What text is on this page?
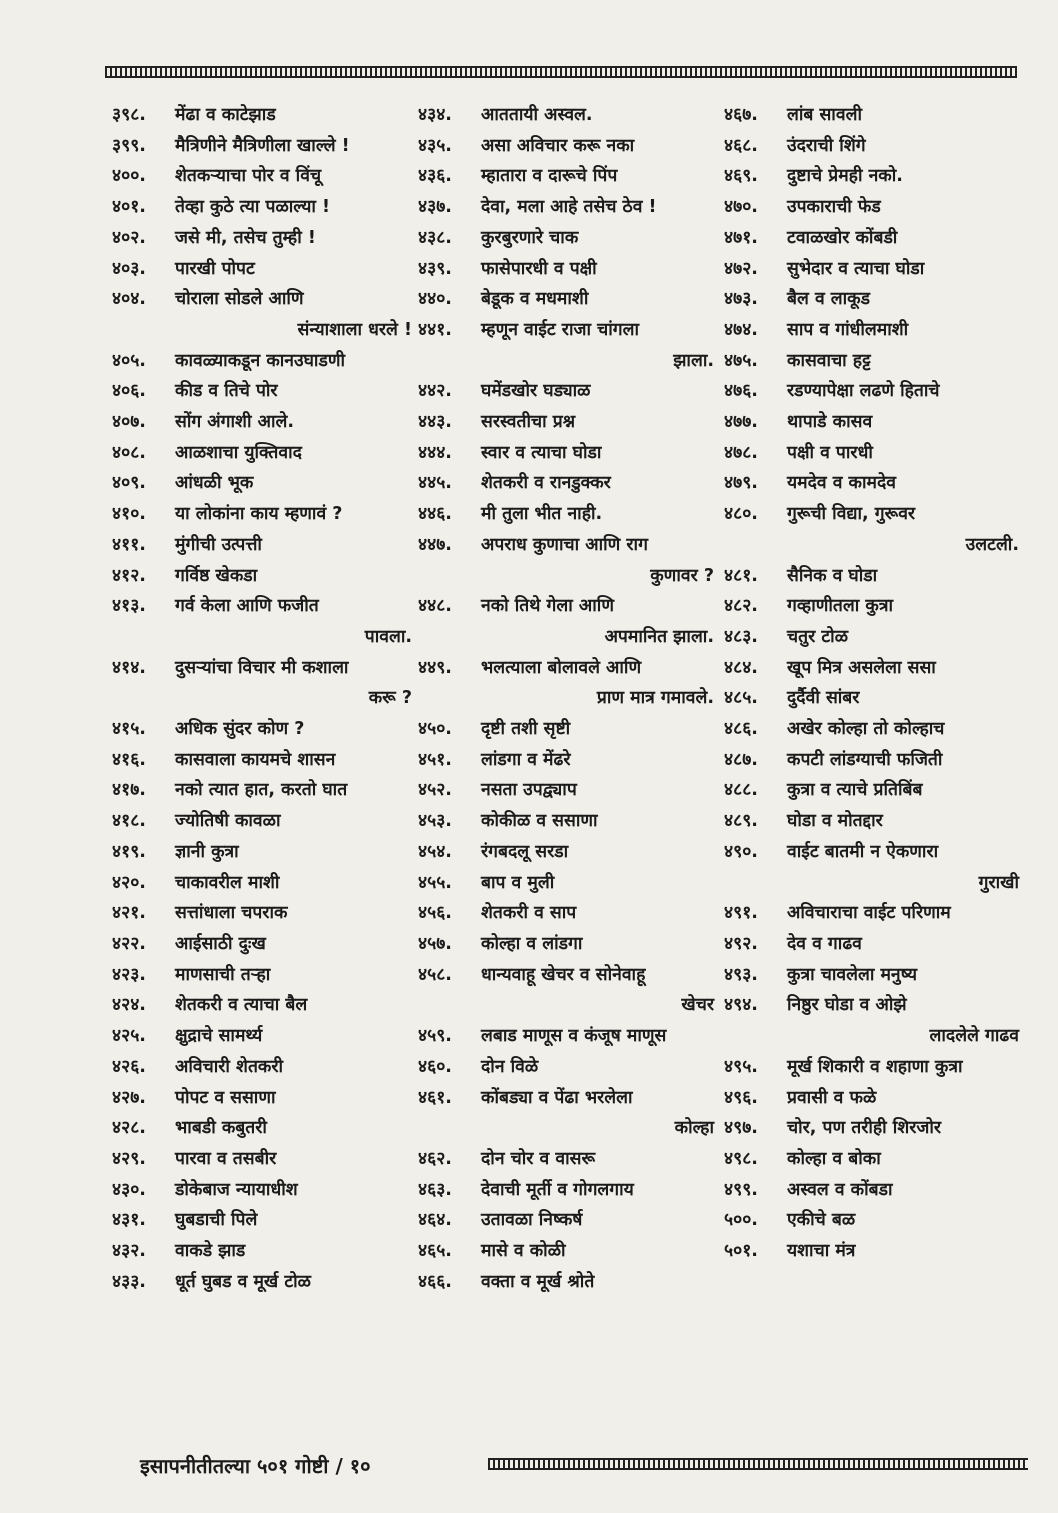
३९८.	मेंढा व काटेझाड
३९९.	मैत्रिणीने मैत्रिणीला खाल्ले !
४००.	शेतकऱ्याचा पोर व विंचू
४०१.	तेव्हा कुठे त्या पळाल्या !
४०२.	जसे मी, तसेच तुम्ही !
४०३.	पारखी पोपट
४०४.	चोराला सोडले आणि
संन्याशाला धरले !
४०५.	कावळ्याकडून कानउघाडणी
४०६.	कीड व तिचे पोर
४०७.	सोंग अंगाशी आले.
४०८.	आळशाचा युक्तिवाद
४०९.	आंधळी भूक
४१०.	या लोकांना काय म्हणावं ?
४११.	मुंगीची उत्पत्ती
४१२.	गर्विष्ठ खेकडा
४१३.	गर्व केला आणि फजीत
पावला.
४१४.	दुसऱ्यांचा विचार मी कशाला
करू ?
४१५.	अधिक सुंदर कोण ?
४१६.	कासवाला कायमचे शासन
४१७.	नको त्यात हात, करतो घात
४१८.	ज्योतिषी कावळा
४१९.	ज्ञानी कुत्रा
४२०.	चाकावरील माशी
४२१.	सत्तांधाला चपराक
४२२.	आईसाठी दुःख
४२३.	माणसाची तऱ्हा
४२४.	शेतकरी व त्याचा बैल
४२५.	क्षुद्राचे सामर्थ्य
४२६.	अविचारी शेतकरी
४२७.	पोपट व ससाणा
४२८.	भाबडी कबुतरी
४२९.	पारवा व तसबीर
४३०.	डोकेबाज न्यायाधीश
४३१.	घुबडाची पिले
४३२.	वाकडे झाड
४३३.	धूर्त घुबड व मूर्ख टोळ
४३४.	आततायी अस्वल.
४३५.	असा अविचार करू नका
४३६.	म्हातारा व दारूचे पिंप
४३७.	देवा, मला आहे तसेच ठेव !
४३८.	कुरबुरणारे चाक
४३९.	फासेपारधी व पक्षी
४४०.	बेडूक व मधमाशी
४४१.	म्हणून वाईट राजा चांगला
झाला.
४४२.	घमेंडखोर घड्याळ
४४३.	सरस्वतीचा प्रश्न
४४४.	स्वार व त्याचा घोडा
४४५.	शेतकरी व रानडुक्कर
४४६.	मी तुला भीत नाही.
४४७.	अपराध कुणाचा आणि राग
कुणावर ?
४४८.	नको तिथे गेला आणि
अपमानित झाला.
४४९.	भलत्याला बोलावले आणि
प्राण मात्र गमावले.
४५०.	दृष्टी तशी सृष्टी
४५१.	लांडगा व मेंढरे
४५२.	नसता उपद्व्याप
४५३.	कोकीळ व ससाणा
४५४.	रंगबदलू सरडा
४५५.	बाप व मुली
४५६.	शेतकरी व साप
४५७.	कोल्हा व लांडगा
४५८.	धान्यवाहू खेचर व सोनेवाहू
खेचर
४५९.	लबाड माणूस व कंजूष माणूस
४६०.	दोन विळे
४६१.	कोंबड्या व पेंढा भरलेला
कोल्हा
४६२.	दोन चोर व वासरू
४६३.	देवाची मूर्ती व गोगलगाय
४६४.	उतावळा निष्कर्ष
४६५.	मासे व कोळी
४६६.	वक्ता व मूर्ख श्रोते
४६७.	लांब सावली
४६८.	उंदराची शिंगे
४६९.	दुष्टाचे प्रेमही नको.
४७०.	उपकाराची फेड
४७१.	टवाळखोर कोंबडी
४७२.	सुभेदार व त्याचा घोडा
४७३.	बैल व लाकूड
४७४.	साप व गांधीलमाशी
४७५.	कासवाचा हट्ट
४७६.	रडण्यापेक्षा लढणे हिताचे
४७७.	थापाडे कासव
४७८.	पक्षी व पारधी
४७९.	यमदेव व कामदेव
४८०.	गुरूची विद्या, गुरूवर
उलटली.
४८१.	सैनिक व घोडा
४८२.	गव्हाणीतला कुत्रा
४८३.	चतुर टोळ
४८४.	खूप मित्र असलेला ससा
४८५.	दुर्दैवी सांबर
४८६.	अखेर कोल्हा तो कोल्हाच
४८७.	कपटी लांडग्याची फजिती
४८८.	कुत्रा व त्याचे प्रतिबिंब
४८९.	घोडा व मोतद्दार
४९०.	वाईट बातमी न ऐकणारा
गुराखी
४९१.	अविचाराचा वाईट परिणाम
४९२.	देव व गाढव
४९३.	कुत्रा चावलेला मनुष्य
४९४.	निष्ठुर घोडा व ओझे
लादलेले गाढव
४९५.	मूर्ख शिकारी व शहाणा कुत्रा
४९६.	प्रवासी व फळे
४९७.	चोर, पण तरीही शिरजोर
४९८.	कोल्हा व बोका
४९९.	अस्वल व कोंबडा
५००.	एकीचे बळ
५०१.	यशाचा मंत्र
इसापनीतीतल्या ५०१ गोष्टी / १०
